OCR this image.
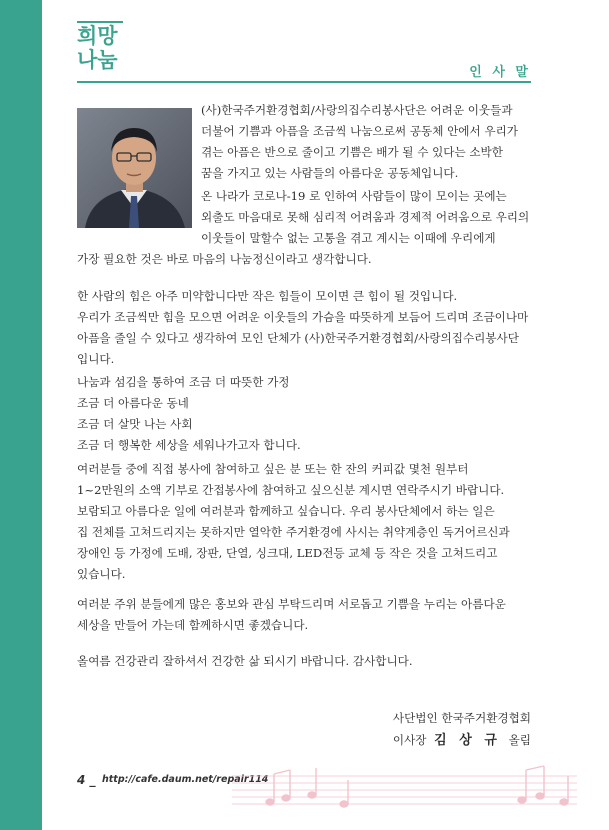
희망
나눔
인 사 말
(사)한국주거환경협회/사랑의집수리봉사단은 어려운 이웃들과
더불어 기쁨과 아픔을 조금씩 나눔으로써 공동체 안에서 우리가
겪는 아픔은 반으로 줄이고 기쁨은 배가 될 수 있다는 소박한
꿈을 가지고 있는 사람들의 아름다운 공동체입니다.
온 나라가 코로나-19 로 인하여 사람들이 많이 모이는 곳에는
외출도 마음대로 못해 심리적 어려움과 경제적 어려움으로 우리의
이웃들이 말할수 없는 고통을 겪고 계시는 이때에 우리에게
가장 필요한 것은 바로 마음의 나눔정신이라고 생각합니다.
한 사람의 힘은 아주 미약합니다만 작은 힘들이 모이면 큰 힘이 될 것입니다.
우리가 조금씩만 힘을 모으면 어려운 이웃들의 가슴을 따뜻하게 보듬어 드리며 조금이나마
아픔을 줄일 수 있다고 생각하여 모인 단체가 (사)한국주거환경협회/사랑의집수리봉사단
입니다.
나눔과 섬김을 통하여 조금 더 따뜻한 가정
조금 더 아름다운 동네
조금 더 살맛 나는 사회
조금 더 행복한 세상을 세워나가고자 합니다.
여러분들 중에 직접 봉사에 참여하고 싶은 분 또는 한 잔의 커피값 몇천 원부터
1~2만원의 소액 기부로 간접봉사에 참여하고 싶으신분 계시면 연락주시기 바랍니다.
보람되고 아름다운 일에 여러분과 함께하고 싶습니다. 우리 봉사단체에서 하는 일은
집 전체를 고쳐드리지는 못하지만 열악한 주거환경에 사시는 취약계층인 독거어르신과
장애인 등 가정에 도배, 장판, 단열, 싱크대, LED전등 교체 등 작은 것을 고쳐드리고
있습니다.
여러분 주위 분들에게 많은 홍보와 관심 부탁드리며 서로돕고 기쁨을 누리는 아름다운
세상을 만들어 가는데 함께하시면 좋겠습니다.
올여름 건강관리 잘하셔서 건강한 삶 되시기 바랍니다. 감사합니다.
사단법인 한국주거환경협회
이사장 김 상 규 올림
4 _ http://cafe.daum.net/repair114
